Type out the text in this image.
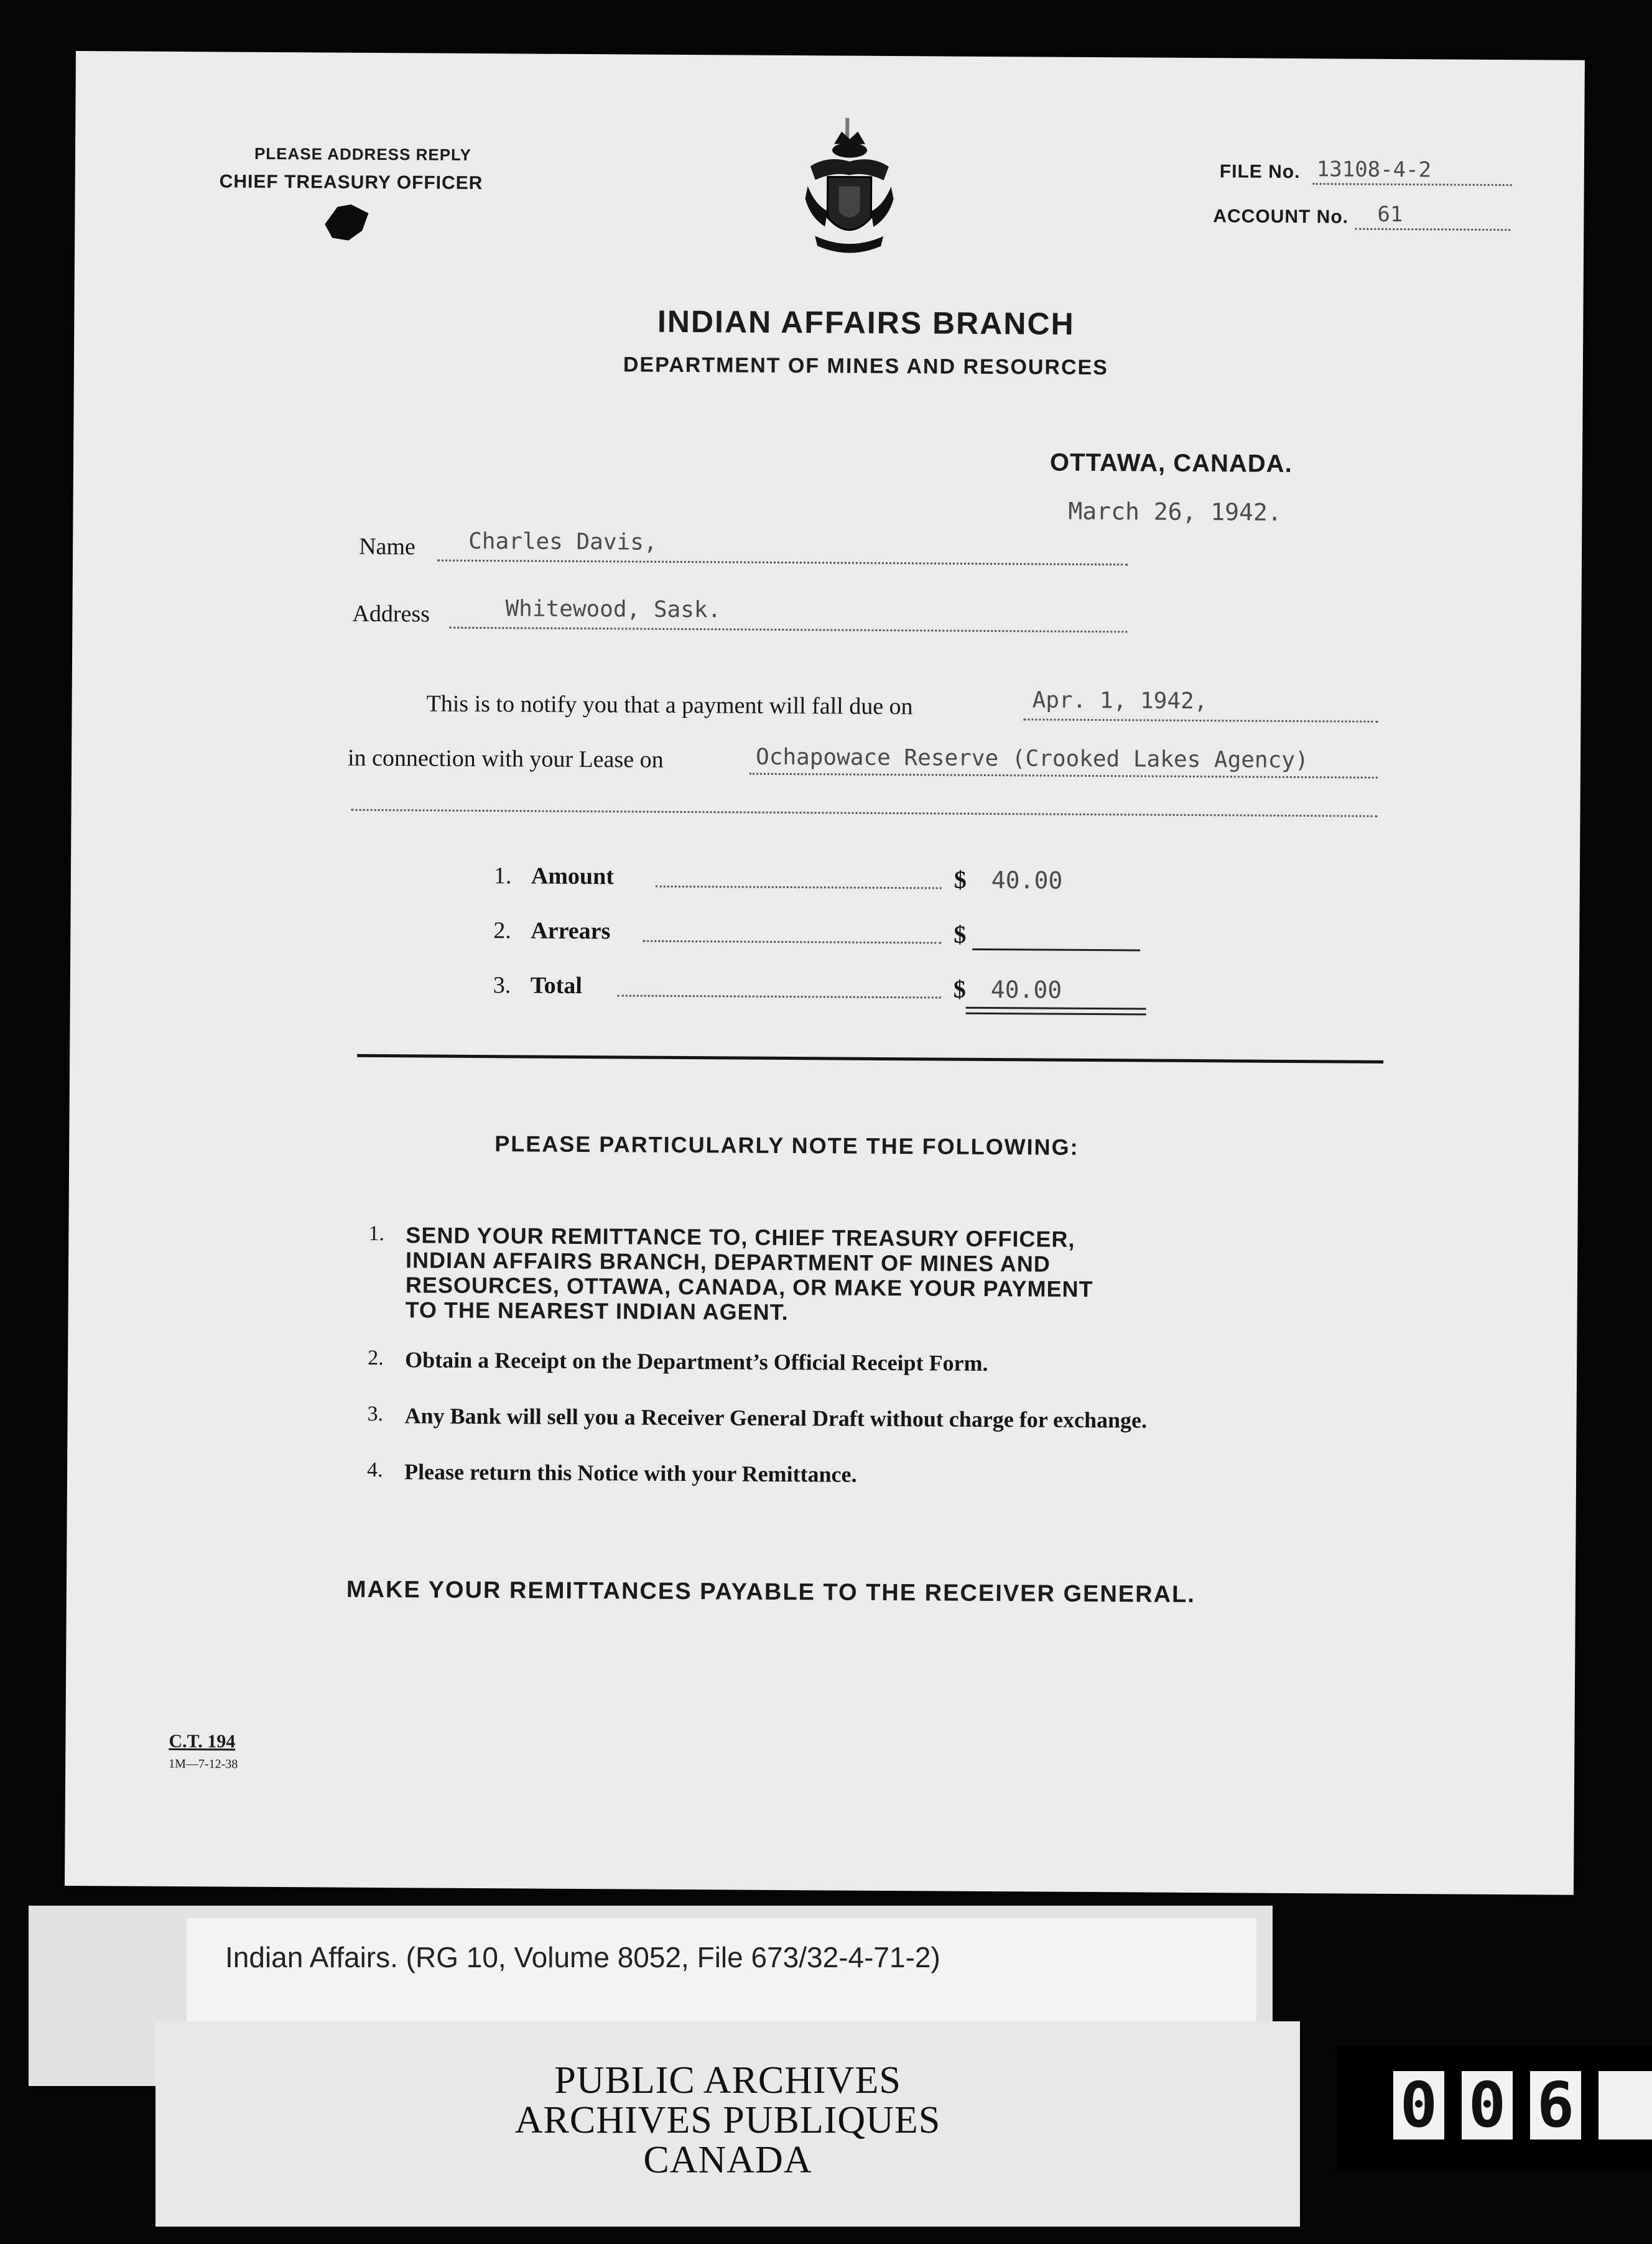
PLEASE ADDRESS REPLY
CHIEF TREASURY OFFICER	FILE No. 13108-4-2
ACCOUNT No. 61
INDIAN AFFAIRS BRANCH
DEPARTMENT OF MINES AND RESOURCES
OTTAWA, CANADA.
March 26, 1942.
Name Charles Davis,
Address	Whitewood, Sask.
This is to notify you that a payment will fall due on	Apr. 1, 1942,
in connection with your Lease on	Ochapowace Reserve (Crooked Lakes Agency)
1. Amount	$ 40.00
2. Arrears	$
3. Total	$ 40.00
PLEASE PARTICULARLY NOTE THE FOLLOWING:
1. SEND YOUR REMITTANCE TO, CHIEF TREASURY OFFICER,
INDIAN AFFAIRS BRANCH, DEPARTMENT OF MINES AND
RESOURCES, OTTAWA, CANADA, OR MAKE YOUR PAYMENT
TO THE NEAREST INDIAN AGENT.
2. Obtain a Receipt on the Department’s Official Receipt Form.
3. Any Bank will sell you a Receiver General Draft without charge for exchange.
4. Please return this Notice with your Remittance.
MAKE YOUR REMITTANCES PAYABLE TO THE RECEIVER GENERAL.
C.T. 194
1M—7-12-38
Indian Affairs. (RG 10, Volume 8052, File 673/32-4-71-2)
PUBLIC ARCHIVES
ARCHIVES PUBLIQUES
CANADA
0 0 6
